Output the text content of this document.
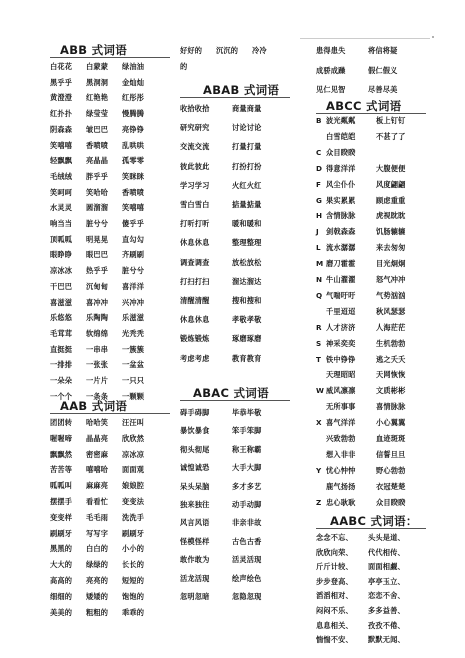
ABB 式词语
白花花 白蒙蒙 绿油油
黑乎乎 黑洞洞 金灿灿
黄澄澄 红艳艳 红彤彤
红扑扑 绿莹莹 慢腾腾
阴森森 皱巴巴 亮铮铮
笑嘻嘻 香喷喷 乱哄哄
轻飘飘 亮晶晶 孤零零
毛绒绒 胖乎乎 笑眯眯
笑呵呵 笑哈哈 香喷喷
水灵灵 圆溜溜 笑嘻嘻
响当当 脏兮兮 傻乎乎
顶呱呱 明晃晃 直勾勾
眼睁睁 眼巴巴 齐刷刷
凉冰冰 热乎乎 脏兮兮
干巴巴 沉甸甸 喜洋洋
喜滋滋 喜冲冲 兴冲冲
乐悠悠 乐陶陶 乐滋滋
毛茸茸 软绵绵 光秃秃
直挺挺 一串串 一簇簇
一排排 一张张 一盆盆
一朵朵 一片片 一只只
一个个 一条条 一颗颗
AAB 式词语
团团转 哈哈笑 汪汪叫
喔喔啼 晶晶亮 欣欣然
飘飘然 密密麻 凉冰凉
苦苦等 嘻嘻哈 面面观
呱呱叫 麻麻亮 娘娘腔
摆摆手 看看忙 变变法
变变样 毛毛雨 洗洗手
刷刷牙 写写字 刷刷牙
黑黑的 白白的 小小的
大大的 绿绿的 长长的
高高的 亮亮的 短短的
细细的 矮矮的 饱饱的
美美的 粗粗的 乖乖的
好好的 沉沉的 冷冷
的
ABAB 式词语
收拾收拾	商量商量
研究研究	讨论讨论
交流交流	打量打量
彼此彼此	打扮打扮
学习学习	火红火红
雪白雪白	掂量掂量
打听打听	暖和暖和
休息休息	整理整理
调查调查	放松放松
打扫打扫	溜达溜达
清醒清醒	搜和搜和
休息休息	孝敬孝敬
锻炼锻炼	琢磨琢磨
考虑考虑	教育教育
ABAC 式词语
碍手碍脚	毕恭毕敬
暴饮暴食	笨手笨脚
彻头彻尾	称王称霸
诚惶诚恐	大手大脚
呆头呆脑	多才多艺
独来独往	动手动脚
风言风语	非亲非故
怪模怪样	古色古香
敢作敢为	活灵活现
活龙活现	绘声绘色
忽明忽暗	忽隐忽现
患得患失	将信将疑
成骄成躁	假仁假义
见仁见智	尽善尽美
ABCC 式词语
B 波光粼粼	板上钉钉
白雪皑皑	不甚了了
C 众目睽睽
D 得意洋洋	大腹便便
F 风尘仆仆	风度翩翩
G 果实累累	顾虑重重
H 含情脉脉	虎视眈眈
J 剑戟森森	饥肠辘辘
L 流水潺潺	来去匆匆
M 磨刀霍霍	目光炯炯
N 牛山濯濯	怒气冲冲
Q 气喘吁吁	气势汹汹
千里迢迢	秋风瑟瑟
R 人才济济	人海茫茫
S 神采奕奕	生机勃勃
T 铁中铮铮	逃之夭夭
天理昭昭	天网恢恢
W 威风凛凛	文质彬彬
无所事事	喜情脉脉
X 喜气洋洋	小心翼翼
兴致勃勃	血迹斑斑
想入非非	信誓旦旦
Y 忧心忡忡	野心勃勃
鹿气扬扬	衣冠楚楚
Z 忠心耿耿	众目睽睽
AABC 式词语：
念念不忘、 头头是道、
欣欣向荣、 代代相传、
斤斤计较、 面面相觑、
步步登高、 亭亭玉立、
滔滔相对、 恋恋不舍、
闷闷不乐、 多多益善、
息息相关、 孜孜不倦、
惴惴不安、 默默无闻、
